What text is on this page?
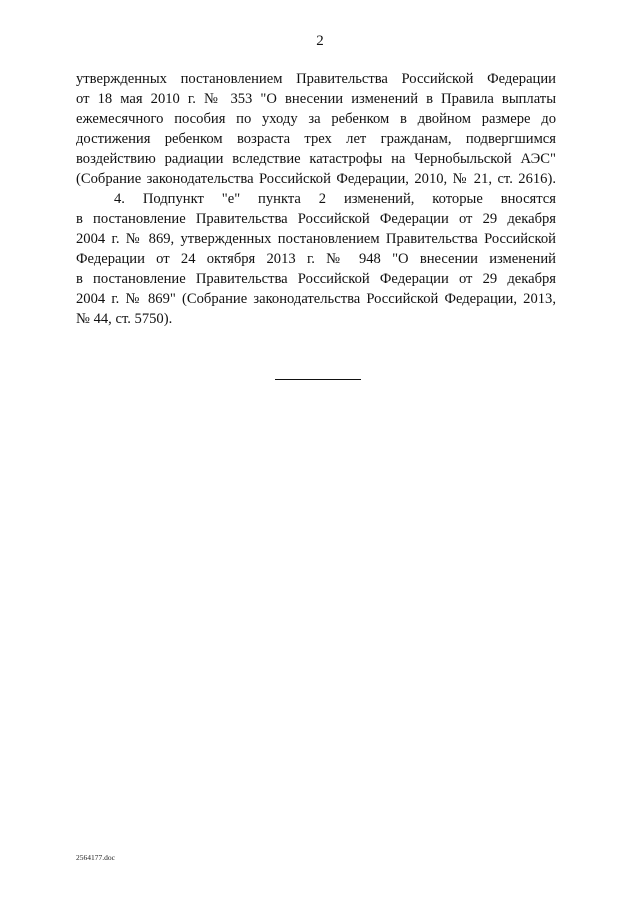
2
утвержденных постановлением Правительства Российской Федерации
от 18 мая 2010 г. № 353 "О внесении изменений в Правила выплаты
ежемесячного пособия по уходу за ребенком в двойном размере до
достижения ребенком возраста трех лет гражданам, подвергшимся
воздействию радиации вследствие катастрофы на Чернобыльской АЭС"
(Собрание законодательства Российской Федерации, 2010, № 21, ст. 2616).
4. Подпункт "е" пункта 2 изменений, которые вносятся
в постановление Правительства Российской Федерации от 29 декабря
2004 г. № 869, утвержденных постановлением Правительства Российской
Федерации от 24 октября 2013 г. № 948 "О внесении изменений
в постановление Правительства Российской Федерации от 29 декабря
2004 г. № 869" (Собрание законодательства Российской Федерации, 2013,
№ 44, ст. 5750).
2564177.doc
